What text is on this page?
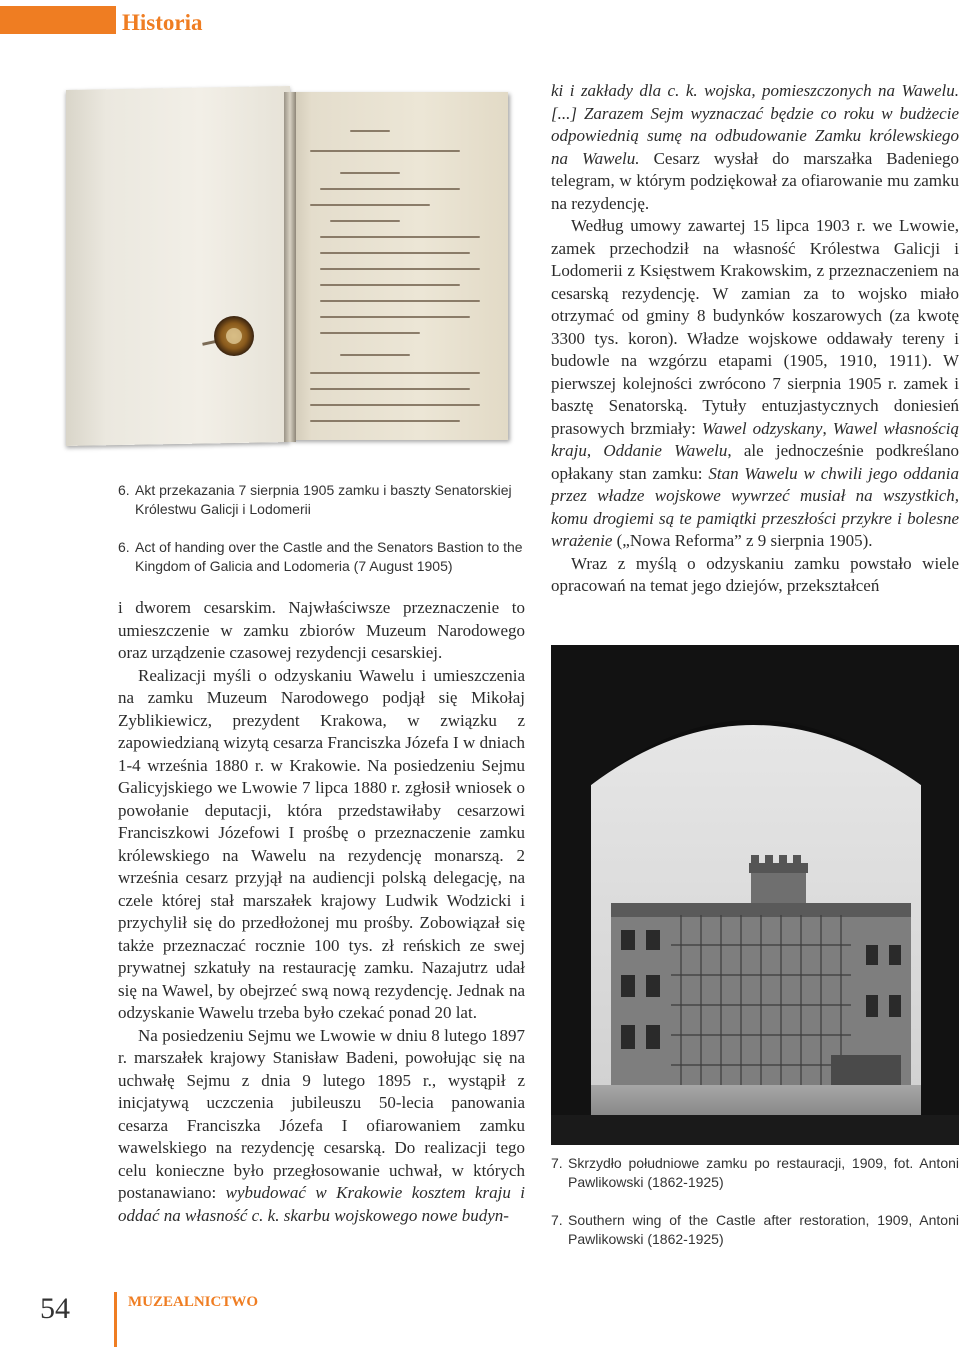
Historia
6. Akt przekazania 7 sierpnia 1905 zamku i baszty Senatorskiej Królestwu Galicji i Lodomerii
6. Act of handing over the Castle and the Senators Bastion to the Kingdom of Galicia and Lodomeria (7 August 1905)

i dworem cesarskim. Najwłaściwsze przeznaczenie to umieszczenie w zamku zbiorów Muzeum Narodowego oraz urządzenie czasowej rezydencji cesarskiej.

Realizacji myśli o odzyskaniu Wawelu i umieszczenia na zamku Muzeum Narodowego podjął się Mikołaj Zyblikiewicz, prezydent Krakowa, w związku z zapowiedzianą wizytą cesarza Franciszka Józefa I w dniach 1-4 września 1880 r. w Krakowie. Na posiedzeniu Sejmu Galicyjskiego we Lwowie 7 lipca 1880 r. zgłosił wniosek o powołanie deputacji, która przedstawiłaby cesarzowi Franciszkowi Józefowi I prośbę o przeznaczenie zamku królewskiego na Wawelu na rezydencję monarszą. 2 września cesarz przyjął na audiencji polską delegację, na czele której stał marszałek krajowy Ludwik Wodzicki i przychylił się do przedłożonej mu prośby. Zobowiązał się także przeznaczać rocznie 100 tys. zł reńskich ze swej prywatnej szkatuły na restaurację zamku. Nazajutrz udał się na Wawel, by obejrzeć swą nową rezydencję. Jednak na odzyskanie Wawelu trzeba było czekać ponad 20 lat.

Na posiedzeniu Sejmu we Lwowie w dniu 8 lutego 1897 r. marszałek krajowy Stanisław Badeni, powołując się na uchwałę Sejmu z dnia 9 lutego 1895 r., wystąpił z inicjatywą uczczenia jubileuszu 50-lecia panowania cesarza Franciszka Józefa I ofiarowaniem zamku wawelskiego na rezydencję cesarską. Do realizacji tego celu konieczne było przegłosowanie uchwał, w których postanawiano: wybudować w Krakowie kosztem kraju i oddać na własność c. k. skarbu wojskowego nowe budyn-

ki i zakłady dla c. k. wojska, pomieszczonych na Wawelu. [...] Zarazem Sejm wyznaczać będzie co roku w budżecie odpowiednią sumę na odbudowanie Zamku królewskiego na Wawelu. Cesarz wysłał do marszałka Badeniego telegram, w którym podziękował za ofiarowanie mu zamku na rezydencję.

Według umowy zawartej 15 lipca 1903 r. we Lwowie, zamek przechodził na własność Królestwa Galicji i Lodomerii z Księstwem Krakowskim, z przeznaczeniem na cesarską rezydencję. W zamian za to wojsko miało otrzymać od gminy 8 budynków koszarowych (za kwotę 3300 tys. koron). Władze wojskowe oddawały tereny i budowle na wzgórzu etapami (1905, 1910, 1911). W pierwszej kolejności zwrócono 7 sierpnia 1905 r. zamek i basztę Senatorską. Tytuły entuzjastycznych doniesień prasowych brzmiały: Wawel odzyskany, Wawel własnością kraju, Oddanie Wawelu, ale jednocześnie podkreślano opłakany stan zamku: Stan Wawelu w chwili jego oddania przez władze wojskowe wywrzeć musiał na wszystkich, komu drogiemi są te pamiątki przeszłości przykre i bolesne wrażenie („Nowa Reforma” z 9 sierpnia 1905).

Wraz z myślą o odzyskaniu zamku powstało wiele opracowań na temat jego dziejów, przekształceń

7. Skrzydło południowe zamku po restauracji, 1909, fot. Antoni Pawlikowski (1862-1925)
7. Southern wing of the Castle after restoration, 1909, Antoni Pawlikowski (1862-1925)
54	MUZEALNICTWO
